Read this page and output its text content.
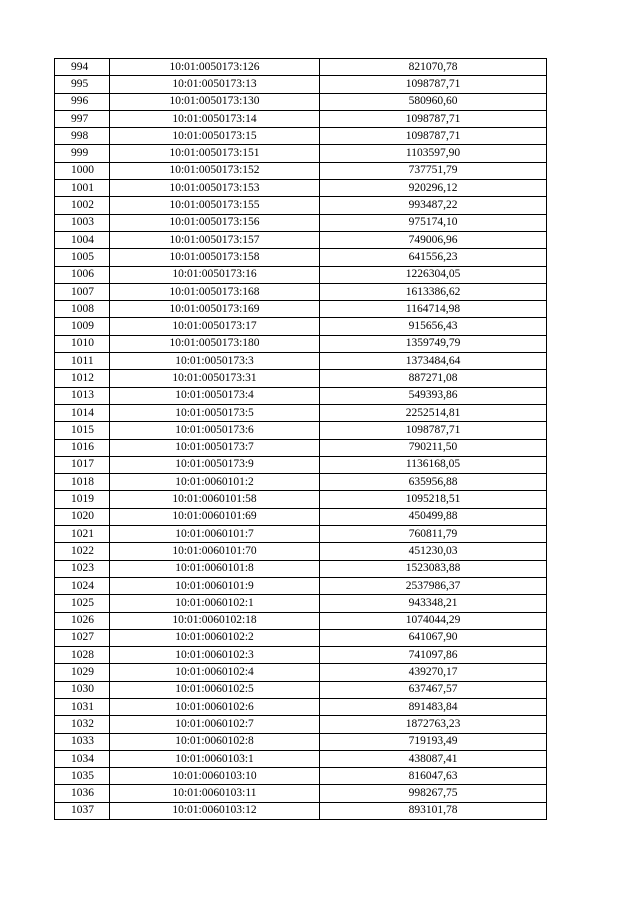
994	10:01:0050173:126	821070,78
995	10:01:0050173:13	1098787,71
996	10:01:0050173:130	580960,60
997	10:01:0050173:14	1098787,71
998	10:01:0050173:15	1098787,71
999	10:01:0050173:151	1103597,90
1000	10:01:0050173:152	737751,79
1001	10:01:0050173:153	920296,12
1002	10:01:0050173:155	993487,22
1003	10:01:0050173:156	975174,10
1004	10:01:0050173:157	749006,96
1005	10:01:0050173:158	641556,23
1006	10:01:0050173:16	1226304,05
1007	10:01:0050173:168	1613386,62
1008	10:01:0050173:169	1164714,98
1009	10:01:0050173:17	915656,43
1010	10:01:0050173:180	1359749,79
1011	10:01:0050173:3	1373484,64
1012	10:01:0050173:31	887271,08
1013	10:01:0050173:4	549393,86
1014	10:01:0050173:5	2252514,81
1015	10:01:0050173:6	1098787,71
1016	10:01:0050173:7	790211,50
1017	10:01:0050173:9	1136168,05
1018	10:01:0060101:2	635956,88
1019	10:01:0060101:58	1095218,51
1020	10:01:0060101:69	450499,88
1021	10:01:0060101:7	760811,79
1022	10:01:0060101:70	451230,03
1023	10:01:0060101:8	1523083,88
1024	10:01:0060101:9	2537986,37
1025	10:01:0060102:1	943348,21
1026	10:01:0060102:18	1074044,29
1027	10:01:0060102:2	641067,90
1028	10:01:0060102:3	741097,86
1029	10:01:0060102:4	439270,17
1030	10:01:0060102:5	637467,57
1031	10:01:0060102:6	891483,84
1032	10:01:0060102:7	1872763,23
1033	10:01:0060102:8	719193,49
1034	10:01:0060103:1	438087,41
1035	10:01:0060103:10	816047,63
1036	10:01:0060103:11	998267,75
1037	10:01:0060103:12	893101,78
